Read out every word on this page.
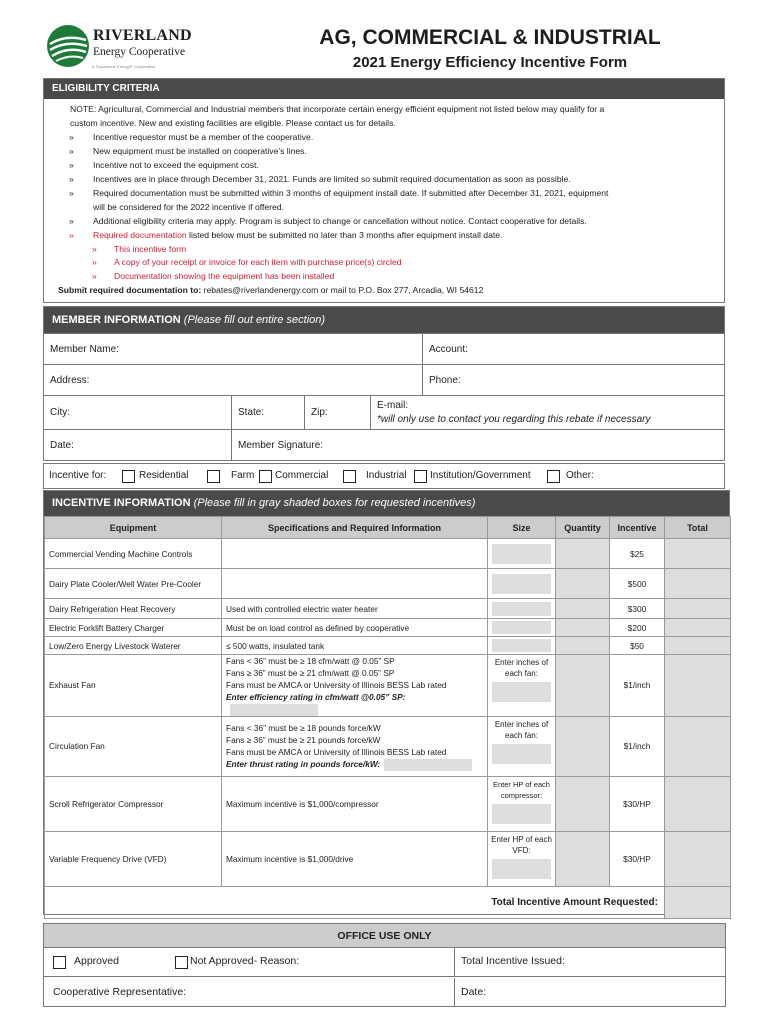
RIVERLAND
Energy Cooperative
A Touchstone Energy® Cooperative
AG, COMMERCIAL & INDUSTRIAL
2021 Energy Efficiency Incentive Form
ELIGIBILITY CRITERIA
NOTE: Agricultural, Commercial and Industrial members that incorporate certain energy efficient equipment not listed below may qualify for a
custom incentive. New and existing facilities are eligible. Please contact us for details.
»	Incentive requestor must be a member of the cooperative.
»	New equipment must be installed on cooperative’s lines.
»	Incentive not to exceed the equipment cost.
»	Incentives are in place through December 31, 2021. Funds are limited so submit required documentation as soon as possible.
»	Required documentation must be submitted within 3 months of equipment install date. If submitted after December 31, 2021, equipment
will be considered for the 2022 incentive if offered.
»	Additional eligibility criteria may apply. Program is subject to change or cancellation without notice. Contact cooperative for details.
»	Required documentation listed below must be submitted no later than 3 months after equipment install date.
»	This incentive form
»	A copy of your receipt or invoice for each item with purchase price(s) circled
»	Documentation showing the equipment has been installed
Submit required documentation to: rebates@riverlandenergy.com or mail to P.O. Box 277, Arcadia, WI 54612
MEMBER INFORMATION (Please fill out entire section)
Member Name:	Account:
Address:	Phone:
City:	State:	Zip:
E-mail:
*will only use to contact you regarding this rebate if necessary
Date:	Member Signature:
Incentive for:	Residential	Farm Commercial	Industrial Institution/Government	Other:
INCENTIVE INFORMATION (Please fill in gray shaded boxes for requested incentives)
Equipment	Specifications and Required Information	Size	Quantity	Incentive	Total
Commercial Vending Machine Controls				$25	
Dairy Plate Cooler/Well Water Pre-Cooler				$500	
Dairy Refrigeration Heat Recovery	Used with controlled electric water heater			$300	
Electric Forklift Battery Charger	Must be on load control as defined by cooperative			$200	
Low/Zero Energy Livestock Waterer	≤ 500 watts, insulated tank			$50	
Exhaust Fan	Fans < 36” must be ≥ 18 cfm/watt @ 0.05” SP
Fans ≥ 36” must be ≥ 21 cfm/watt @ 0.05” SP
Fans must be AMCA or University of Illinois BESS Lab rated
Enter efficiency rating in cfm/watt @0.05” SP:	Enter inches of each fan:		$1/inch	
Circulation Fan	Fans < 36” must be ≥ 18 pounds force/kW
Fans ≥ 36” must be ≥ 21 pounds force/kW
Fans must be AMCA or University of Illinois BESS Lab rated
Enter thrust rating in pounds force/kW:	Enter inches of each fan:		$1/inch	
Scroll Refrigerator Compressor	Maximum incentive is $1,000/compressor	Enter HP of each compressor:		$30/HP	
Variable Frequency Drive (VFD)	Maximum incentive is $1,000/drive	Enter HP of each VFD:		$30/HP	
Total Incentive Amount Requested:					
OFFICE USE ONLY
Approved	Not Approved- Reason:	Total Incentive Issued:
Cooperative Representative:	Date:
